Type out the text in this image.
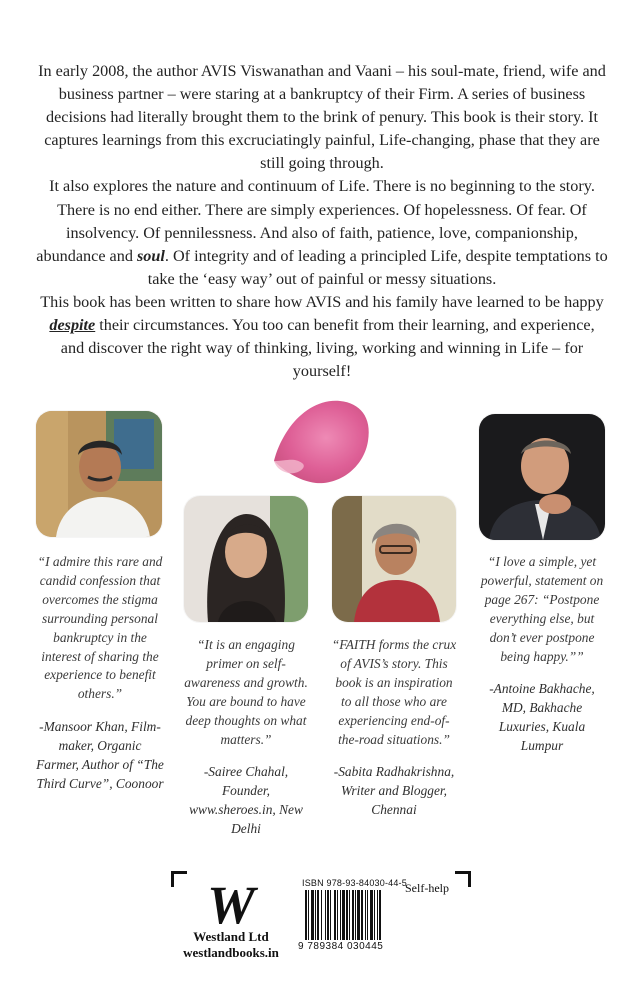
In early 2008, the author AVIS Viswanathan and Vaani – his soul-mate, friend, wife and business partner – were staring at a bankruptcy of their Firm. A series of business decisions had literally brought them to the brink of penury. This book is their story. It captures learnings from this excruciatingly painful, Life-changing, phase that they are still going through.

It also explores the nature and continuum of Life. There is no beginning to the story. There is no end either. There are simply experiences. Of hopelessness. Of fear. Of insolvency. Of pennilessness. And also of faith, patience, love, companionship, abundance and soul. Of integrity and of leading a principled Life, despite temptations to take the ‘easy way’ out of painful or messy situations.

This book has been written to share how AVIS and his family have learned to be happy despite their circumstances. You too can benefit from their learning, and experience, and discover the right way of thinking, living, working and winning in Life – for yourself!

“I admire this rare and candid confession that overcomes the stigma surrounding personal bankruptcy in the interest of sharing the experience to benefit others.”

-Mansoor Khan, Film-maker, Organic Farmer, Author of “The Third Curve”, Coonoor

“It is an engaging primer on self-awareness and growth. You are bound to have deep thoughts on what matters.”

-Sairee Chahal, Founder, www.sheroes.in, New Delhi

“FAITH forms the crux of AVIS’s story. This book is an inspiration to all those who are experiencing end-of-the-road situations.”

-Sabita Radhakrishna, Writer and Blogger, Chennai

“I love a simple, yet powerful, statement on page 267: “Postpone everything else, but don’t ever postpone being happy.””

-Antoine Bakhache, MD, Bakhache Luxuries, Kuala Lumpur

W
Westland Ltd
westlandbooks.in
ISBN 978-93-84030-44-5
9 789384 030445
Self-help
